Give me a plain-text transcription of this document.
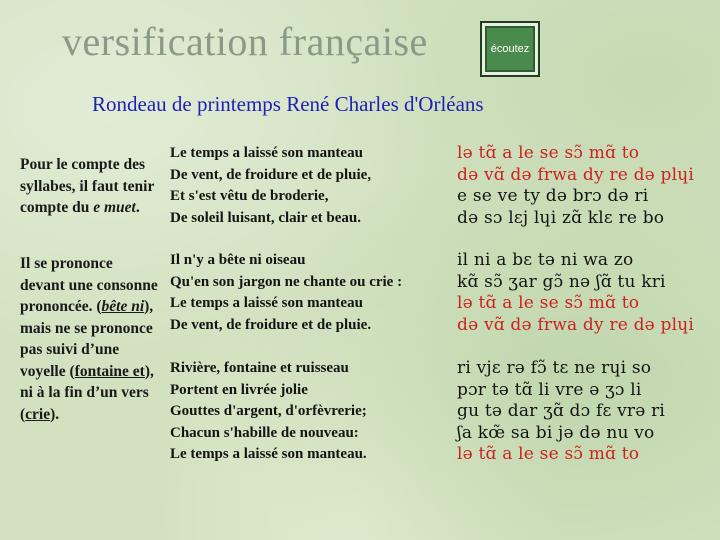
versification française	écoutez
Rondeau de printemps René Charles d'Orléans
Pour le compte des syllabes, il faut tenir compte du e muet.
Il se prononce devant une consonne prononcée. (bête ni), mais ne se prononce pas suivi d’une voyelle (fontaine et), ni à la fin d’un vers (crie).
Le temps a laissé son manteau
De vent, de froidure et de pluie,
Et s'est vêtu de broderie,
De soleil luisant, clair et beau.
lə tɑ̃ a le se sɔ̃ mɑ̃ to
də vɑ̃ də frwa dy re də plɥi
e se ve ty də brɔ də ri
də sɔ lɛj lɥi zɑ̃ klɛ re bo
Il n'y a bête ni oiseau
Qu'en son jargon ne chante ou crie :
Le temps a laissé son manteau
De vent, de froidure et de pluie.
il ni a bɛ tə ni wa zo
kɑ̃ sɔ̃ ʒar gɔ̃ nə ʃɑ̃ tu kri
lə tɑ̃ a le se sɔ̃ mɑ̃ to
də vɑ̃ də frwa dy re də plɥi
Rivière, fontaine et ruisseau
Portent en livrée jolie
Gouttes d'argent, d'orfèvrerie;
Chacun s'habille de nouveau:
Le temps a laissé son manteau.
ri vjɛ rə fɔ̃ tɛ ne rɥi so
pɔr tə tɑ̃ li vre ə ʒɔ li
gu tə dar ʒɑ̃ dɔ fɛ vrə ri
ʃa kœ̃ sa bi jə də nu vo
lə tɑ̃ a le se sɔ̃ mɑ̃ to
